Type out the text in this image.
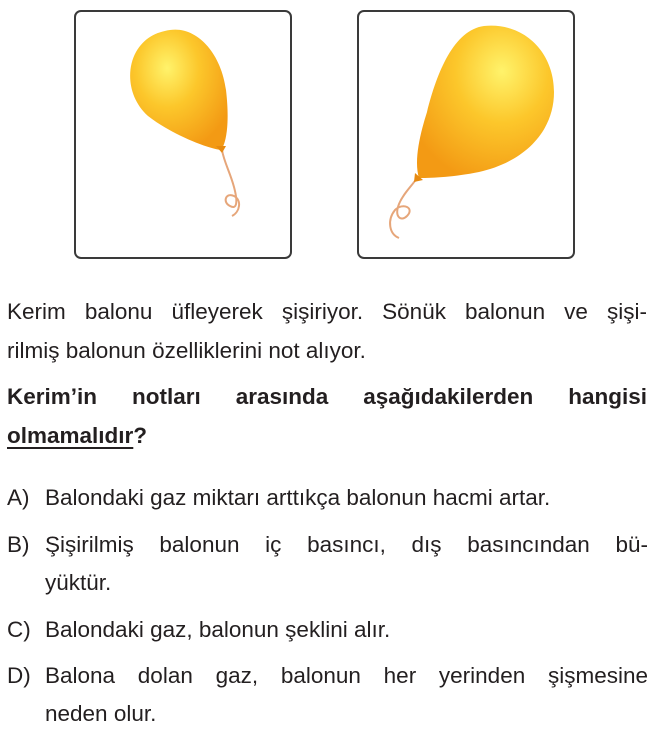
Kerim balonu üfleyerek şişiriyor. Sönük balonun ve şişi-

rilmiş balonun özelliklerini not alıyor.

Kerim’in notları arasında aşağıdakilerden hangisi

olmamalıdır?

A) Balondaki gaz miktarı arttıkça balonun hacmi artar.
B) Şişirilmiş balonun iç basıncı, dış basıncından bü-
yüktür.
C) Balondaki gaz, balonun şeklini alır.
D) Balona dolan gaz, balonun her yerinden şişmesine
neden olur.
